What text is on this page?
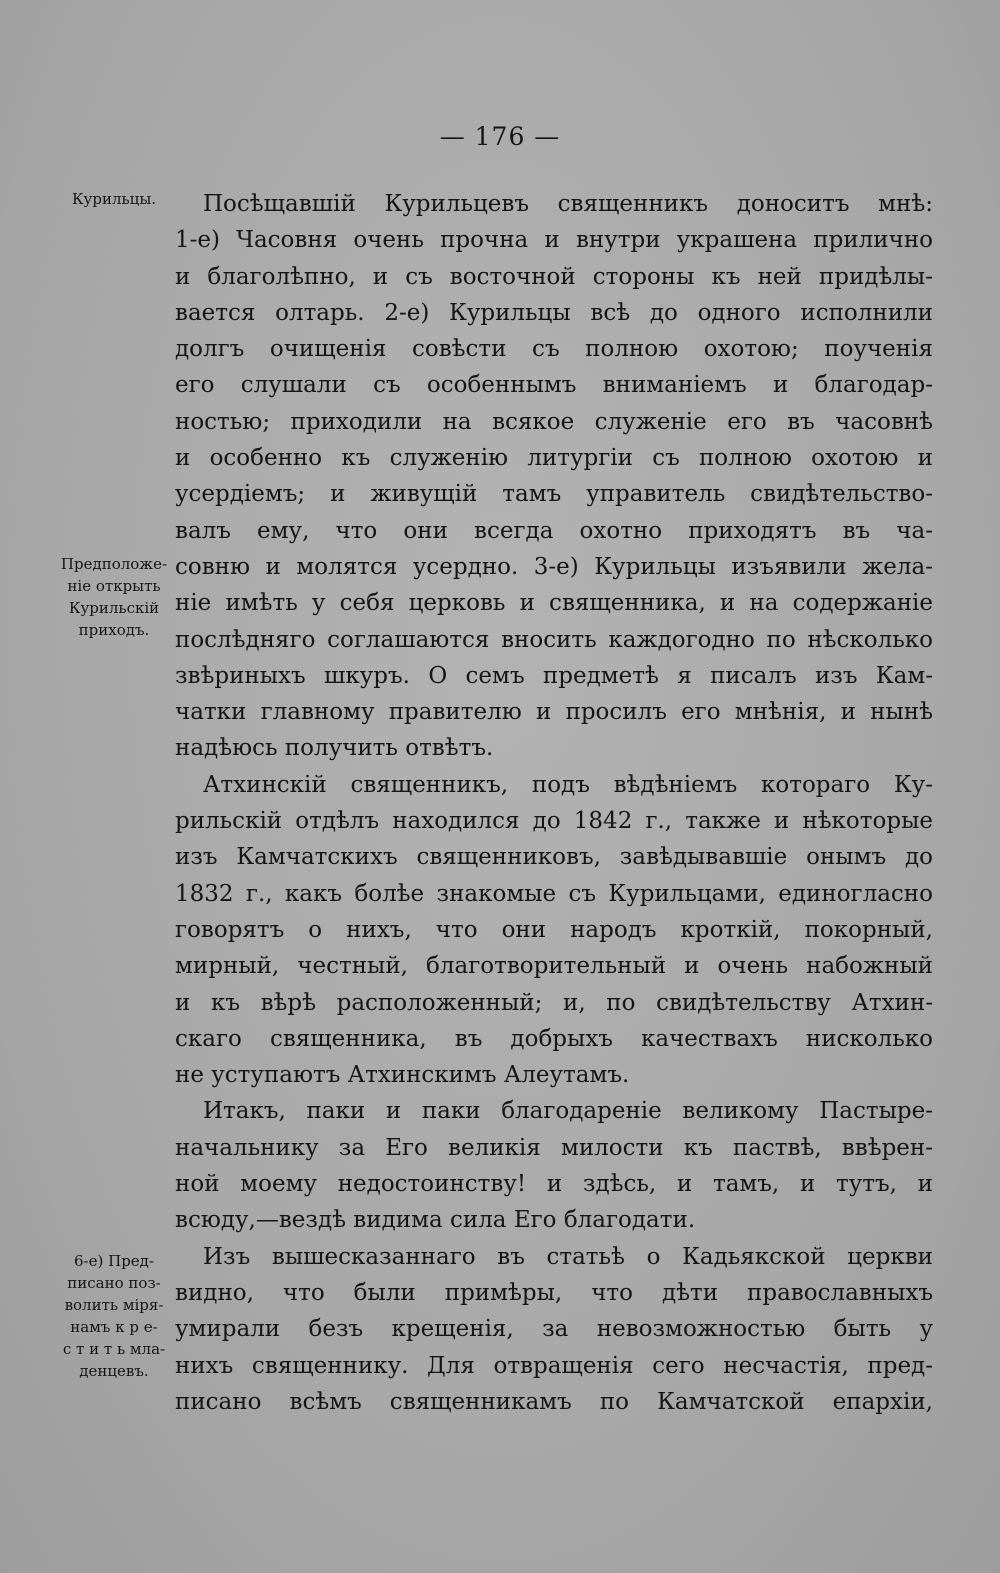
— 176 —
Курильцы.
Предположе-
ніе открыть
Курильскій
приходъ.
6-е) Пред-
писано поз-
волить міря-
намъ к р е-
с т и т ь мла-
денцевъ.
Посѣщавшій Курильцевъ священникъ доноситъ мнѣ:
1-е) Часовня очень прочна и внутри украшена прилично
и благолѣпно, и съ восточной стороны къ ней придѣлы-
вается олтарь. 2-е) Курильцы всѣ до одного исполнили
долгъ очищенія совѣсти съ полною охотою; поученія
его слушали съ особеннымъ вниманіемъ и благодар-
ностью; приходили на всякое служеніе его въ часовнѣ
и особенно къ служенію литургіи съ полною охотою и
усердіемъ; и живущій тамъ управитель свидѣтельство-
валъ ему, что они всегда охотно приходятъ въ ча-
совню и молятся усердно. 3-е) Курильцы изъявили жела-
ніе имѣть у себя церковь и священника, и на содержаніе
послѣдняго соглашаются вносить каждогодно по нѣсколько
звѣриныхъ шкуръ. О семъ предметѣ я писалъ изъ Кам-
чатки главному правителю и просилъ его мнѣнія, и нынѣ
надѣюсь получить отвѣтъ.
Атхинскій священникъ, подъ вѣдѣніемъ котораго Ку-
рильскій отдѣлъ находился до 1842 г., также и нѣкоторые
изъ Камчатскихъ священниковъ, завѣдывавшіе онымъ до
1832 г., какъ болѣе знакомые съ Курильцами, единогласно
говорятъ о нихъ, что они народъ кроткій, покорный,
мирный, честный, благотворительный и очень набожный
и къ вѣрѣ расположенный; и, по свидѣтельству Атхин-
скаго священника, въ добрыхъ качествахъ нисколько
не уступаютъ Атхинскимъ Алеутамъ.
Итакъ, паки и паки благодареніе великому Пастыре-
начальнику за Его великія милости къ паствѣ, ввѣрен-
ной моему недостоинству! и здѣсь, и тамъ, и тутъ, и
всюду,—вездѣ видима сила Его благодати.
Изъ вышесказаннаго въ статьѣ о Кадьякской церкви
видно, что были примѣры, что дѣти православныхъ
умирали безъ крещенія, за невозможностью быть у
нихъ священнику. Для отвращенія сего несчастія, пред-
писано всѣмъ священникамъ по Камчатской епархіи,
